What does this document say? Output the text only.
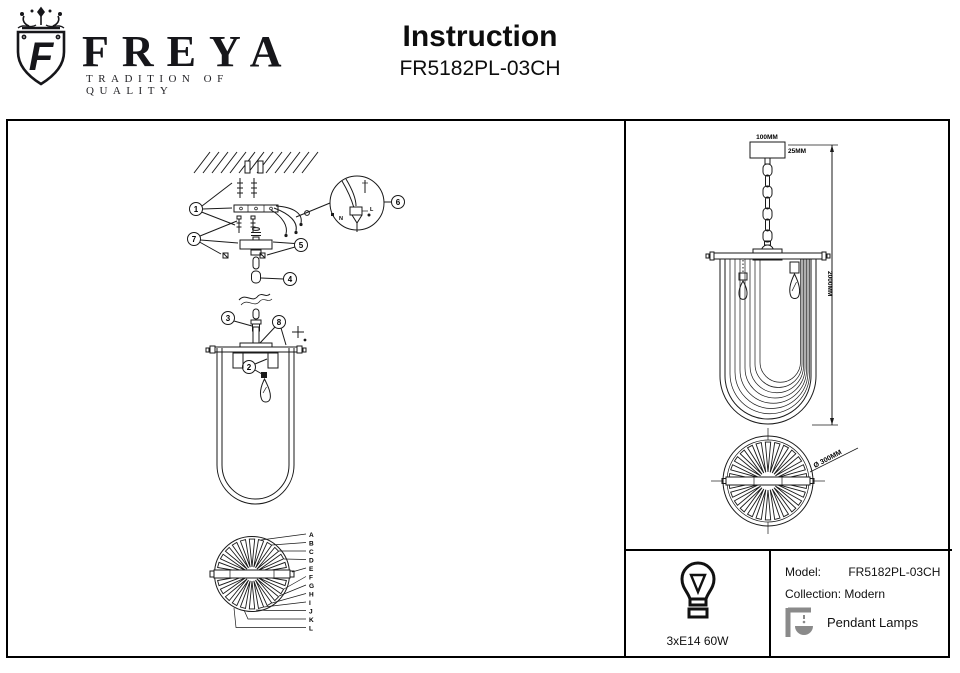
F FREYA
TRADITION OF QUALITY
Instruction
FR5182PL-03CH
N
L
6
1
7
5
4
3	8
2
A
B
C
D
E
F
G
H
I
J
K
L
100MM
25MM
2000MM
Ø 300MM
3xE14 60W
Model: FR5182PL-03CH
Collection: Modern
Pendant Lamps
